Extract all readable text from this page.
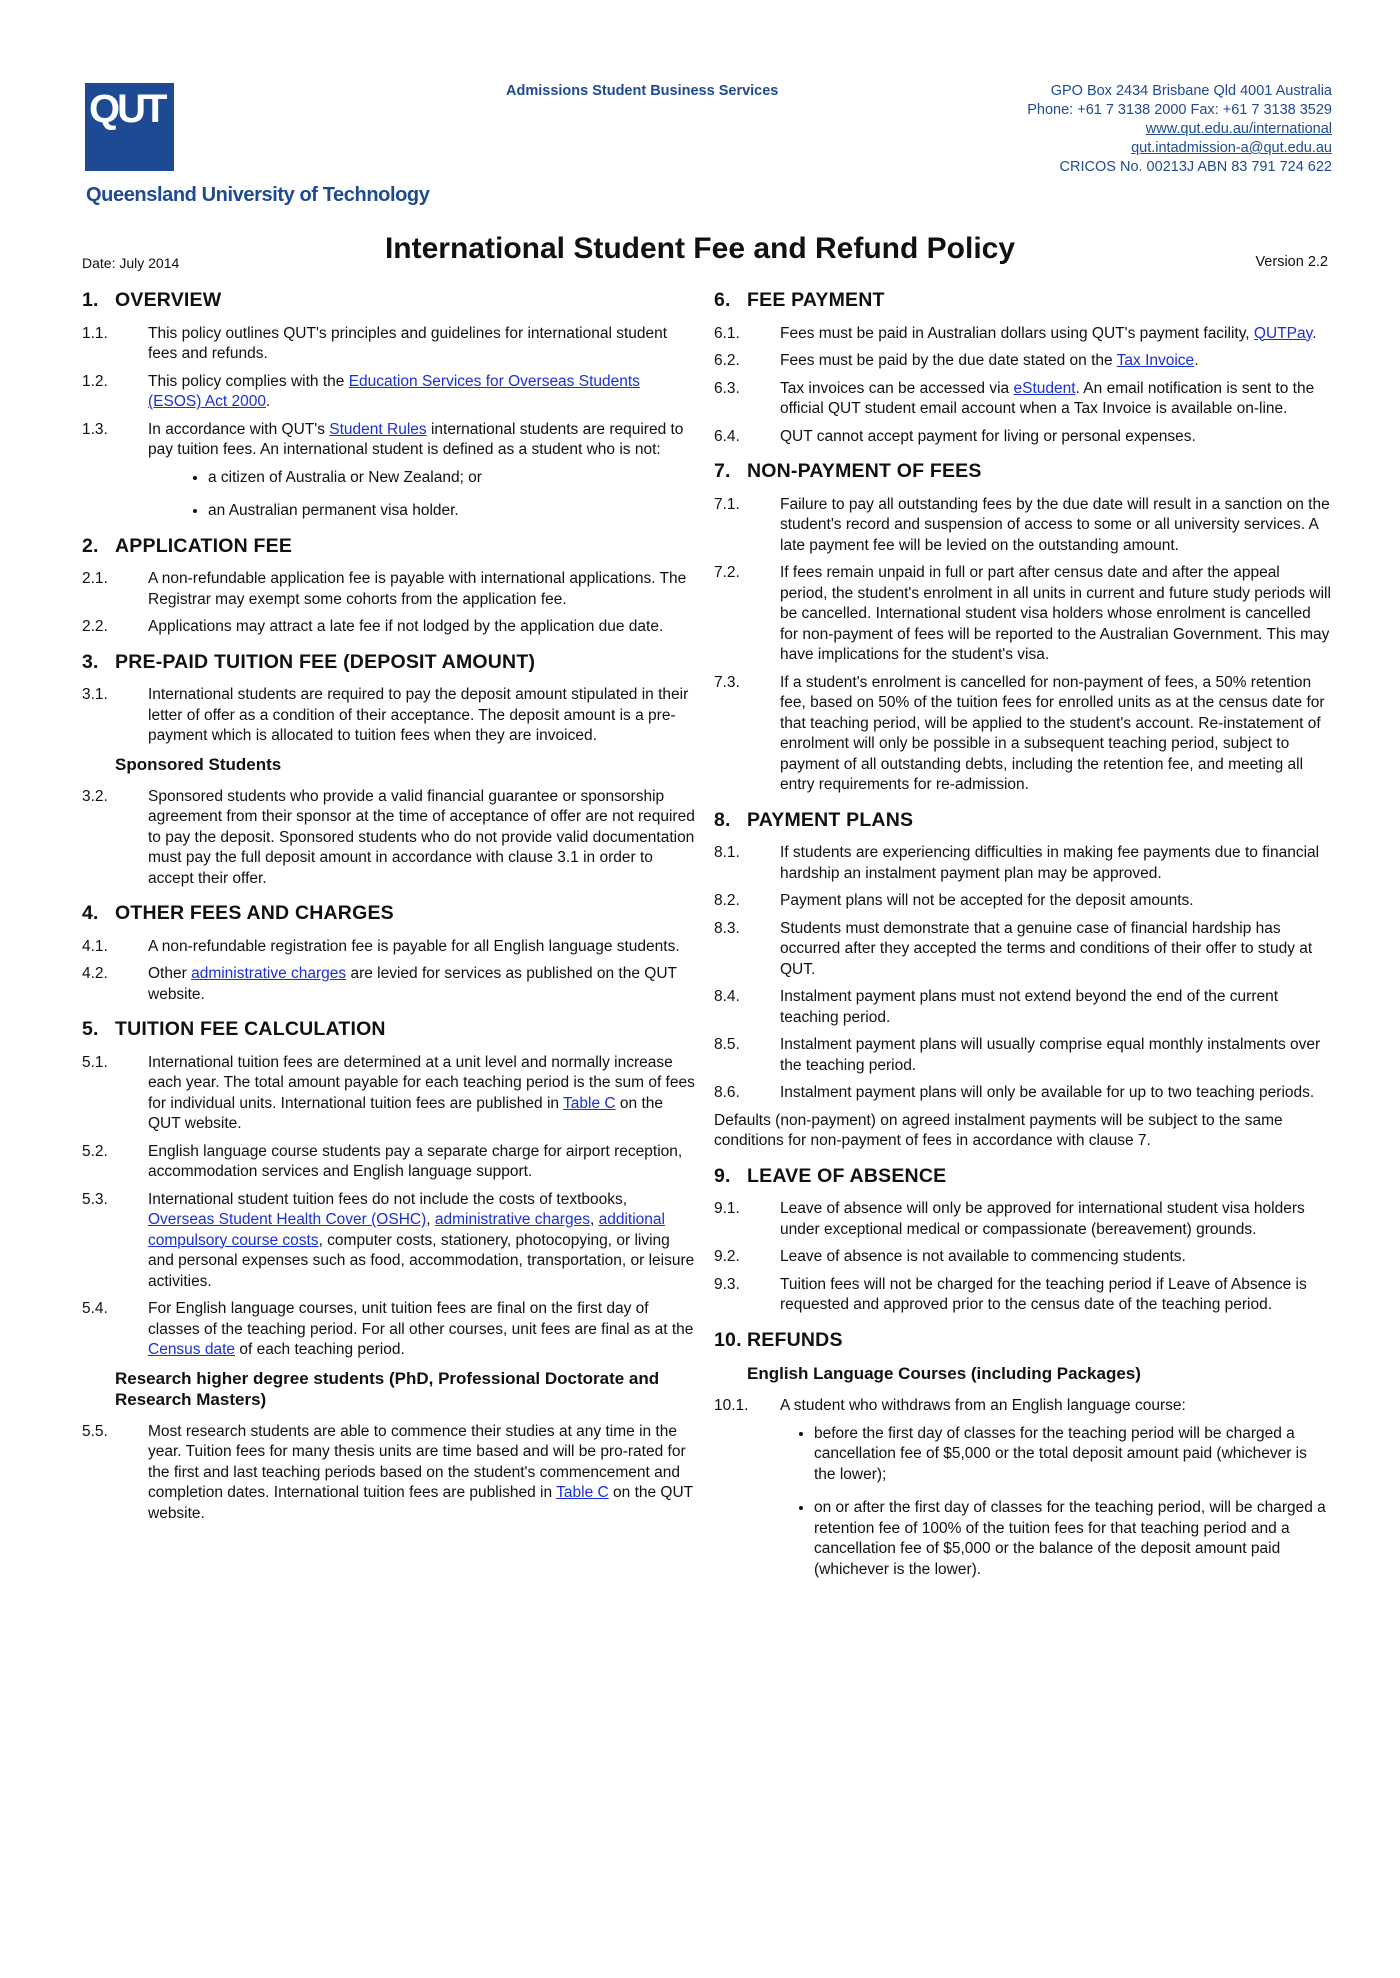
QUT
Queensland University of Technology
Admissions Student Business Services	GPO Box 2434 Brisbane Qld 4001 Australia
Phone: +61 7 3138 2000 Fax: +61 7 3138 3529
www.qut.edu.au/international
qut.intadmission-a@qut.edu.au
CRICOS No. 00213J ABN 83 791 724 622
Date: July 2014	International Student Fee and Refund Policy	Version 2.2
1. OVERVIEW
1.1.	This policy outlines QUT's principles and guidelines for international student fees and refunds.
1.2.	This policy complies with the Education Services for Overseas Students (ESOS) Act 2000.
1.3.	In accordance with QUT's Student Rules international students are required to pay tuition fees. An international student is defined as a student who is not:
• a citizen of Australia or New Zealand; or
• an Australian permanent visa holder.
2. APPLICATION FEE
2.1.	A non-refundable application fee is payable with international applications. The Registrar may exempt some cohorts from the application fee.
2.2.	Applications may attract a late fee if not lodged by the application due date.
3. PRE-PAID TUITION FEE (DEPOSIT AMOUNT)
3.1.	International students are required to pay the deposit amount stipulated in their letter of offer as a condition of their acceptance. The deposit amount is a pre-payment which is allocated to tuition fees when they are invoiced.
Sponsored Students
3.2.	Sponsored students who provide a valid financial guarantee or sponsorship agreement from their sponsor at the time of acceptance of offer are not required to pay the deposit. Sponsored students who do not provide valid documentation must pay the full deposit amount in accordance with clause 3.1 in order to accept their offer.
4. OTHER FEES AND CHARGES
4.1.	A non-refundable registration fee is payable for all English language students.
4.2.	Other administrative charges are levied for services as published on the QUT website.
5. TUITION FEE CALCULATION
5.1.	International tuition fees are determined at a unit level and normally increase each year. The total amount payable for each teaching period is the sum of fees for individual units. International tuition fees are published in Table C on the QUT website.
5.2.	English language course students pay a separate charge for airport reception, accommodation services and English language support.
5.3.	International student tuition fees do not include the costs of textbooks, Overseas Student Health Cover (OSHC), administrative charges, additional compulsory course costs, computer costs, stationery, photocopying, or living and personal expenses such as food, accommodation, transportation, or leisure activities.
5.4.	For English language courses, unit tuition fees are final on the first day of classes of the teaching period. For all other courses, unit fees are final as at the Census date of each teaching period.
Research higher degree students (PhD, Professional Doctorate and Research Masters)
5.5.	Most research students are able to commence their studies at any time in the year. Tuition fees for many thesis units are time based and will be pro-rated for the first and last teaching periods based on the student's commencement and completion dates. International tuition fees are published in Table C on the QUT website.
6. FEE PAYMENT
6.1.	Fees must be paid in Australian dollars using QUT's payment facility, QUTPay.
6.2.	Fees must be paid by the due date stated on the Tax Invoice.
6.3.	Tax invoices can be accessed via eStudent. An email notification is sent to the official QUT student email account when a Tax Invoice is available on-line.
6.4.	QUT cannot accept payment for living or personal expenses.
7. NON-PAYMENT OF FEES
7.1.	Failure to pay all outstanding fees by the due date will result in a sanction on the student's record and suspension of access to some or all university services. A late payment fee will be levied on the outstanding amount.
7.2.	If fees remain unpaid in full or part after census date and after the appeal period, the student's enrolment in all units in current and future study periods will be cancelled. International student visa holders whose enrolment is cancelled for non-payment of fees will be reported to the Australian Government. This may have implications for the student's visa.
7.3.	If a student's enrolment is cancelled for non-payment of fees, a 50% retention fee, based on 50% of the tuition fees for enrolled units as at the census date for that teaching period, will be applied to the student's account. Re-instatement of enrolment will only be possible in a subsequent teaching period, subject to payment of all outstanding debts, including the retention fee, and meeting all entry requirements for re-admission.
8. PAYMENT PLANS
8.1.	If students are experiencing difficulties in making fee payments due to financial hardship an instalment payment plan may be approved.
8.2.	Payment plans will not be accepted for the deposit amounts.
8.3.	Students must demonstrate that a genuine case of financial hardship has occurred after they accepted the terms and conditions of their offer to study at QUT.
8.4.	Instalment payment plans must not extend beyond the end of the current teaching period.
8.5.	Instalment payment plans will usually comprise equal monthly instalments over the teaching period.
8.6.	Instalment payment plans will only be available for up to two teaching periods.
Defaults (non-payment) on agreed instalment payments will be subject to the same conditions for non-payment of fees in accordance with clause 7.
9. LEAVE OF ABSENCE
9.1.	Leave of absence will only be approved for international student visa holders under exceptional medical or compassionate (bereavement) grounds.
9.2.	Leave of absence is not available to commencing students.
9.3.	Tuition fees will not be charged for the teaching period if Leave of Absence is requested and approved prior to the census date of the teaching period.
10. REFUNDS
English Language Courses (including Packages)
10.1. A student who withdraws from an English language course:
• before the first day of classes for the teaching period will be charged a cancellation fee of $5,000 or the total deposit amount paid (whichever is the lower);
• on or after the first day of classes for the teaching period, will be charged a retention fee of 100% of the tuition fees for that teaching period and a cancellation fee of $5,000 or the balance of the deposit amount paid (whichever is the lower).
